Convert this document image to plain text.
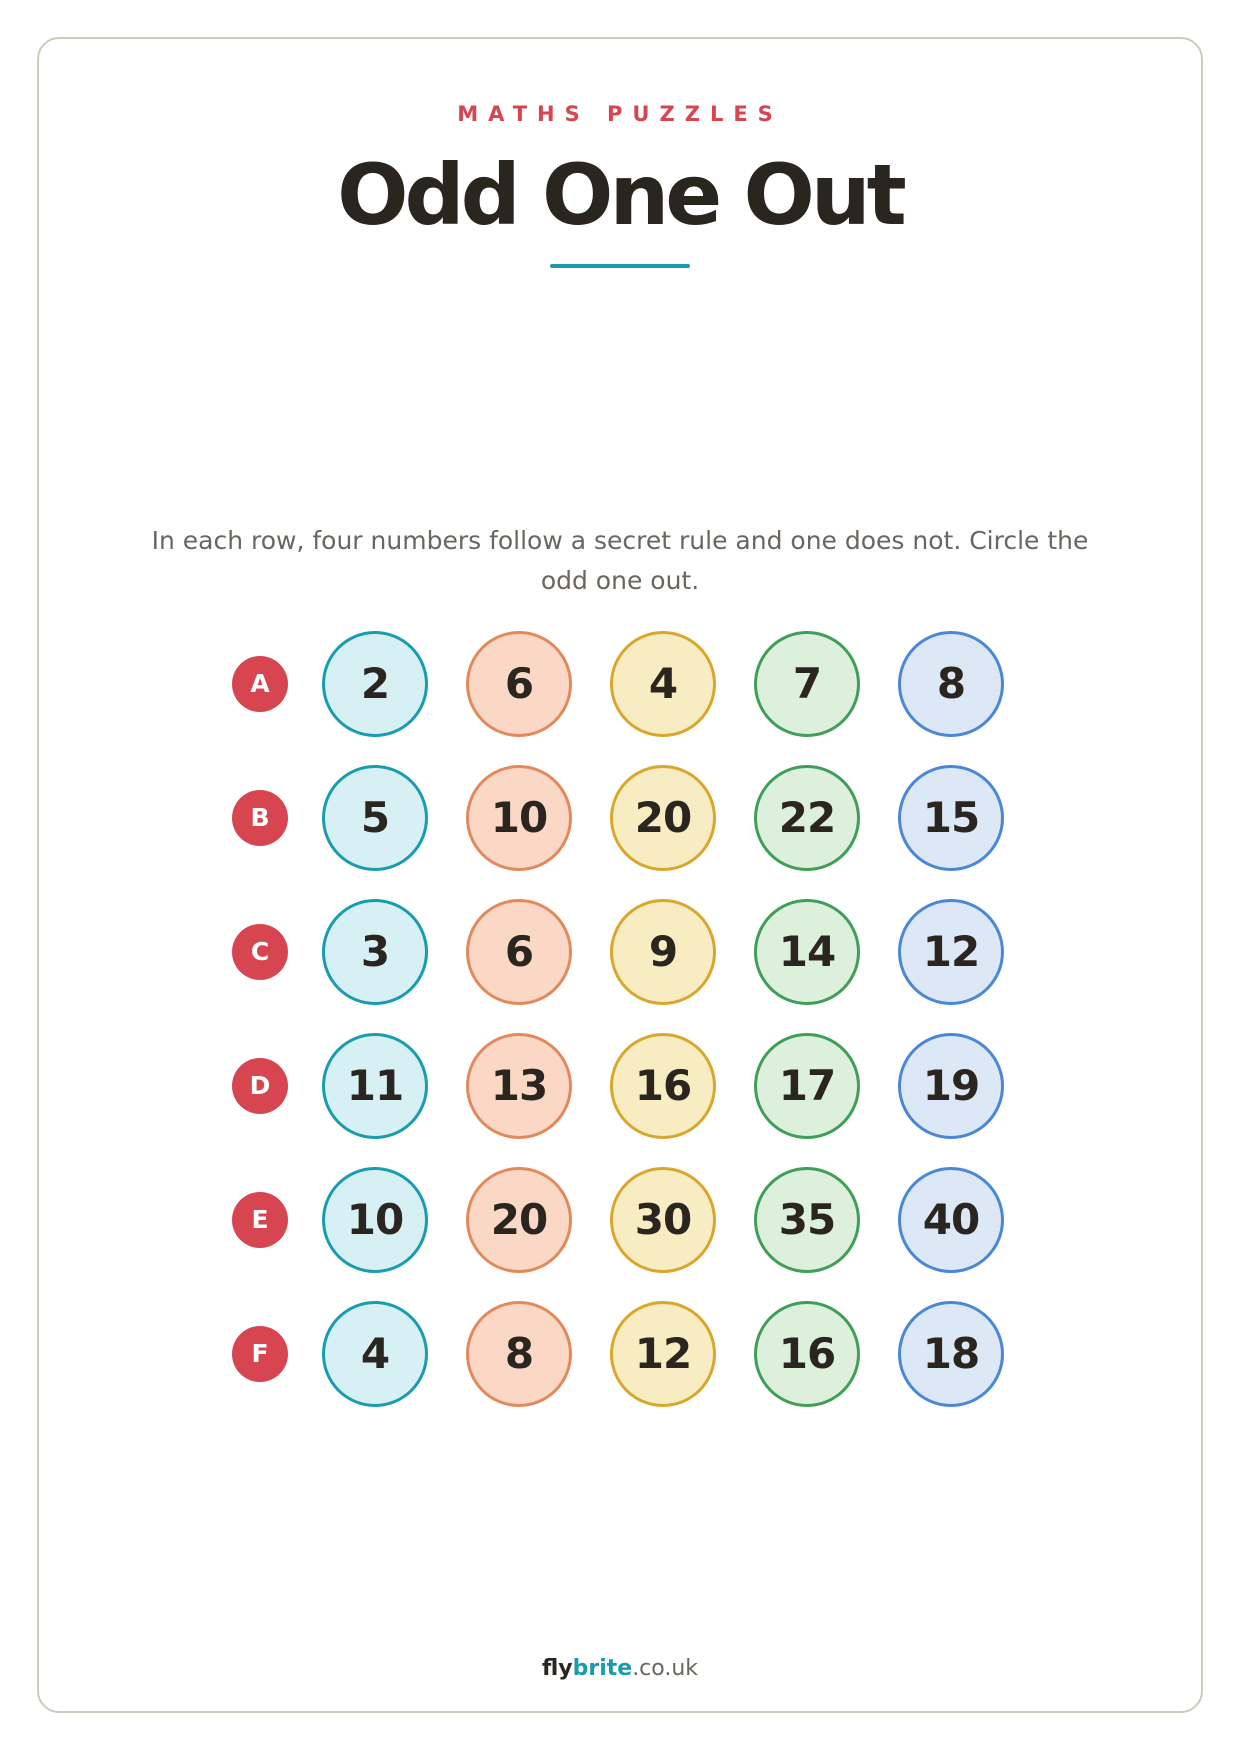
MATHS PUZZLES
Odd One Out
In each row, four numbers follow a secret rule and one does not. Circle the odd one out.
A	2	6	4	7	8
B	5	10	20	22	15
C	3	6	9	14	12
D	11	13	16	17	19
E	10	20	30	35	40
F	4	8	12	16	18
flybrite.co.uk
